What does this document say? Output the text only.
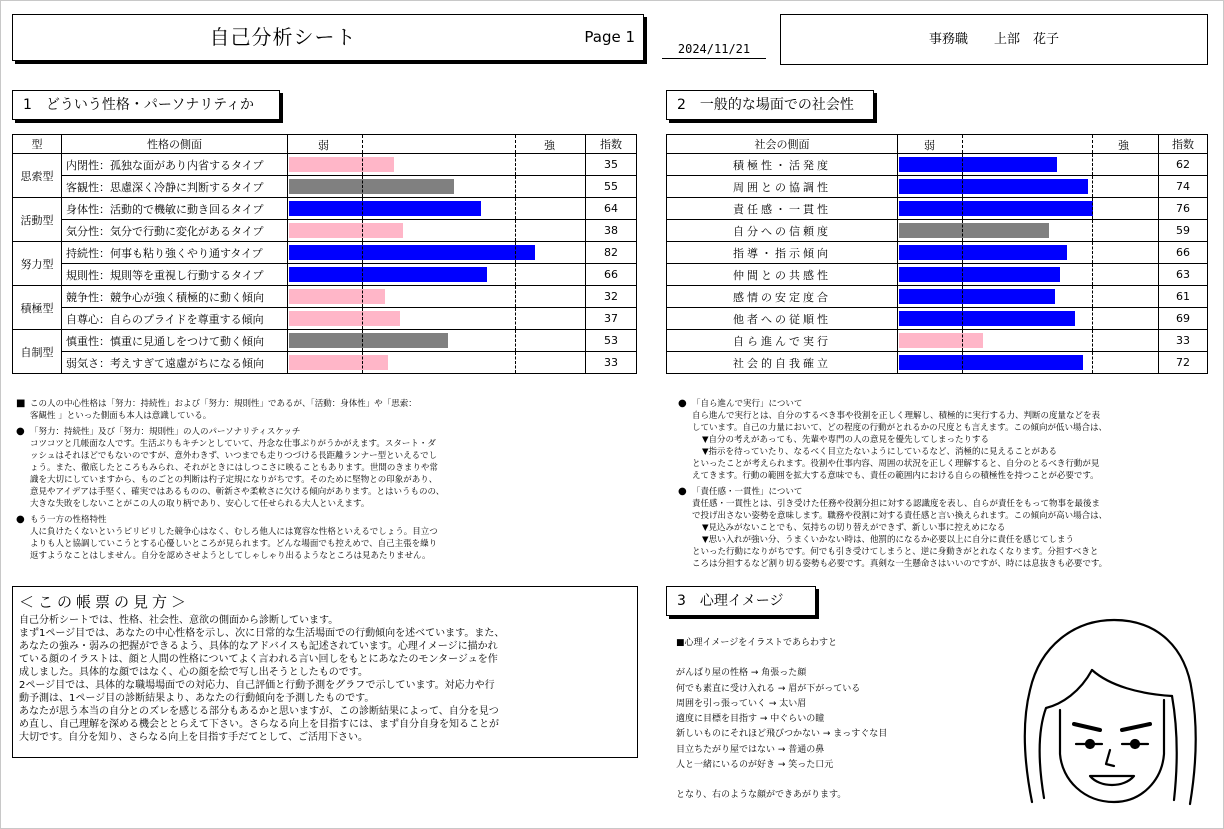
自己分析シート	Page 1
2024/11/21
事務職　　上部　花子
1　どういう性格・パーソナリティか
型	性格の側面	弱 強	指数
思索型	内閉性：孤独な面があり内省するタイプ		35
	客観性：思慮深く冷静に判断するタイプ		55
活動型	身体性：活動的で機敏に動き回るタイプ		64
	気分性：気分で行動に変化があるタイプ		38
努力型	持続性：何事も粘り強くやり通すタイプ		82
	規則性：規則等を重視し行動するタイプ		66
積極型	競争性：競争心が強く積極的に動く傾向		32
	自尊心：自らのプライドを尊重する傾向		37
自制型	慎重性：慎重に見通しをつけて動く傾向		53
	弱気さ：考えすぎて遠慮がちになる傾向		33
2　一般的な場面での社会性
社会の側面	弱 強	指数
積極性・活発度		62
周囲との協調性		74
責任感・一貫性		76
自分への信頼度		59
指導・指示傾向		66
仲間との共感性		63
感情の安定度合		61
他者への従順性		69
自ら進んで実行		33
社会的自我確立		72
■ この人の中心性格は「努力：持続性」および「努力：規則性」であるが、「活動：身体性」や「思索：
客観性 」といった側面も本人は意識している。
● 「努力：持続性」及び「努力：規則性」の人のパーソナリティスケッチ
コツコツと几帳面な人です。生活ぶりもキチンとしていて、丹念な仕事ぶりがうかがえます。スタート・ダ
ッシュはそれほどでもないのですが、意外わきず、いつまでも走りつづける長距離ランナー型といえるでし
ょう。また、徹底したところもみられ、それがときにはしつこさに映ることもあります。世間のきまりや常
識を大切にしていますから、ものごとの判断は杓子定規になりがちです。そのために堅物との印象があり、
意見やアイデアは手堅く、確実ではあるものの、斬新さや柔軟さに欠ける傾向があります。とはいうものの、
大きな失敗をしないことがこの人の取り柄であり、安心して任せられる大人といえます。
● もう一方の性格特性
人に負けたくないというピリピリした競争心はなく、むしろ他人には寛容な性格といえるでしょう。目立つ
よりも人と協調していこうとする心優しいところが見られます。どんな場面でも控えめで、自己主張を繰り
返すようなことはしません。自分を認めさせようとしてしゃしゃり出るようなところは見あたりません。
● 「自ら進んで実行」について
自ら進んで実行とは、自分のするべき事や役割を正しく理解し、積極的に実行する力、判断の度量などを表
しています。自己の力量において、どの程度の行動がとれるかの尺度とも言えます。この傾向が低い場合は、
▼自分の考えがあっても、先輩や専門の人の意見を優先してしまったりする
▼指示を待っていたり、なるべく目立たないようにしているなど、消極的に見えることがある
といったことが考えられます。役割や仕事内容、周囲の状況を正しく理解すると、自分のとるべき行動が見
えてきます。行動の範囲を拡大する意味でも、責任の範囲内における自らの積極性を持つことが必要です。
● 「責任感・一貫性」について
責任感・一貫性とは、引き受けた任務や役割分担に対する認識度を表し、自らが責任をもって物事を最後ま
で投げ出さない姿勢を意味します。職務や役割に対する責任感と言い換えられます。この傾向が高い場合は、
▼見込みがないことでも、気持ちの切り替えができず、新しい事に控えめになる
▼思い入れが強い分、うまくいかない時は、他罰的になるか必要以上に自分に責任を感じてしまう
といった行動になりがちです。何でも引き受けてしまうと、逆に身動きがとれなくなります。分担すべきと
ころは分担するなど割り切る姿勢も必要です。真剣な一生懸命さはいいのですが、時には息抜きも必要です。
＜この帳票の見方＞
自己分析シートでは、性格、社会性、意欲の側面から診断しています。
まず1ページ目では、あなたの中心性格を示し、次に日常的な生活場面での行動傾向を述べています。また、
あなたの強み・弱みの把握ができるよう、具体的なアドバイスも記述されています。心理イメージに描かれ
ている顔のイラストは、顔と人間の性格についてよく言われる言い回しをもとにあなたのモンタージュを作
成しました。具体的な顔ではなく、心の顔を絵で写し出そうとしたものです。
2ページ目では、具体的な職場場面での対応力、自己評価と行動予測をグラフで示しています。対応力や行
動予測は、1ページ目の診断結果より、あなたの行動傾向を予測したものです。
あなたが思う本当の自分とのズレを感じる部分もあるかと思いますが、この診断結果によって、自分を見つ
め直し、自己理解を深める機会ととらえて下さい。さらなる向上を目指すには、まず自分自身を知ることが
大切です。自分を知り、さらなる向上を目指す手だてとして、ご活用下さい。
3　心理イメージ
■心理イメージをイラストであらわすと
がんばり屋の性格 → 角張った顔
何でも素直に受け入れる → 眉が下がっている
周囲を引っ張っていく → 太い眉
適度に目標を目指す → 中ぐらいの瞳
新しいものにそれほど飛びつかない → まっすぐな目
目立ちたがり屋ではない → 普通の鼻
人と一緒にいるのが好き → 笑った口元
となり、右のような顔ができあがります。
